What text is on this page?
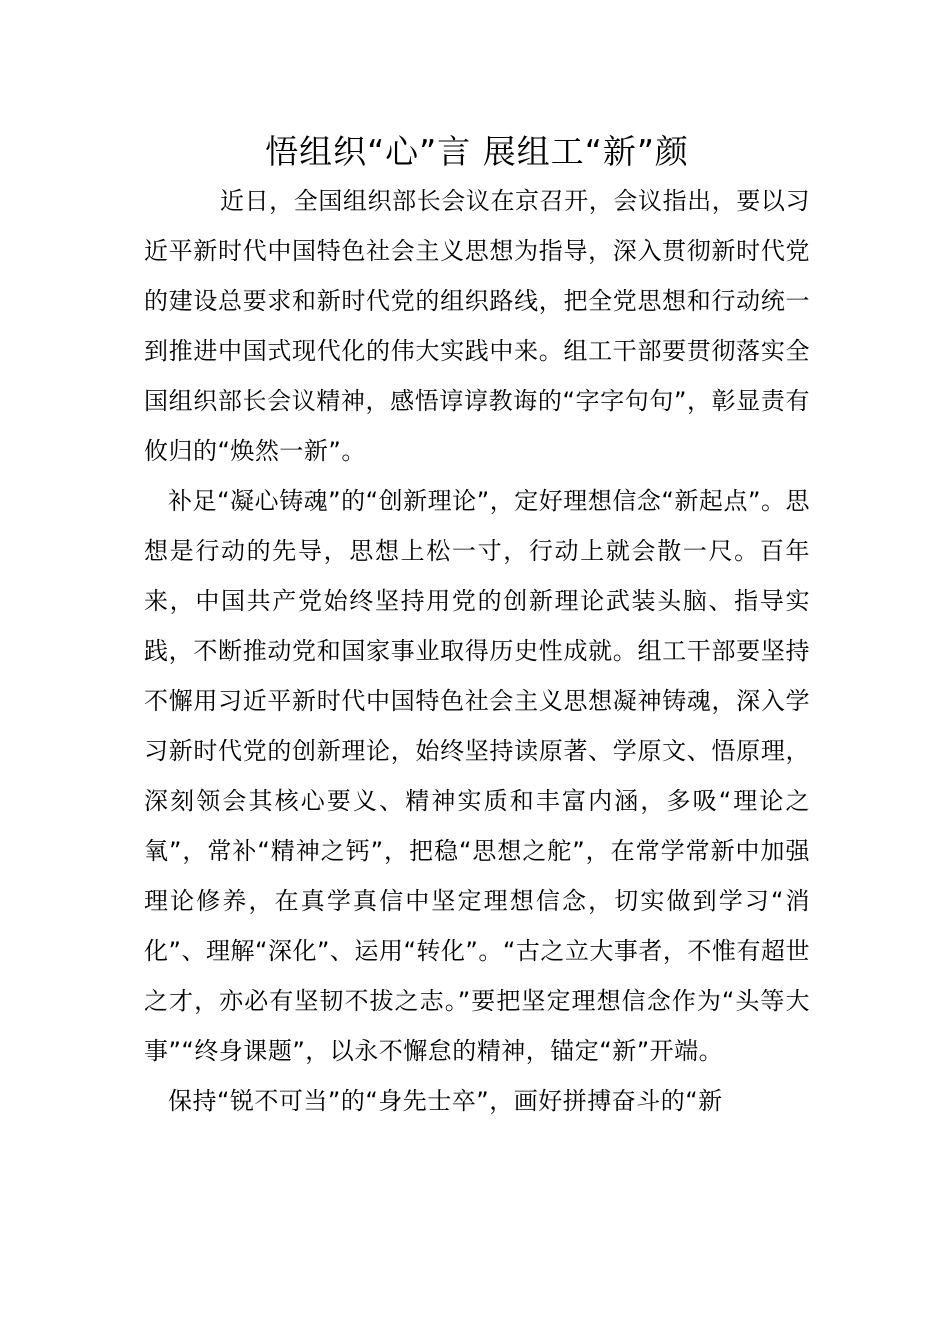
悟组织“心”言 展组工“新”颜

近日，全国组织部长会议在京召开，会议指出，要以习近平新时代中国特色社会主义思想为指导，深入贯彻新时代党的建设总要求和新时代党的组织路线，把全党思想和行动统一到推进中国式现代化的伟大实践中来。组工干部要贯彻落实全国组织部长会议精神，感悟谆谆教诲的“字字句句”，彰显责有攸归的“焕然一新”。

补足“凝心铸魂”的“创新理论”，定好理想信念“新起点”。思想是行动的先导，思想上松一寸，行动上就会散一尺。百年来，中国共产党始终坚持用党的创新理论武装头脑、指导实践，不断推动党和国家事业取得历史性成就。组工干部要坚持不懈用习近平新时代中国特色社会主义思想凝神铸魂，深入学习新时代党的创新理论，始终坚持读原著、学原文、悟原理，深刻领会其核心要义、精神实质和丰富内涵，多吸“理论之氧”，常补“精神之钙”，把稳“思想之舵”，在常学常新中加强理论修养，在真学真信中坚定理想信念，切实做到学习“消化”、理解“深化”、运用“转化”。“古之立大事者，不惟有超世之才，亦必有坚韧不拔之志。”要把坚定理想信念作为“头等大事”“终身课题”，以永不懈怠的精神，锚定“新”开端。

保持“锐不可当”的“身先士卒”，画好拼搏奋斗的“新
